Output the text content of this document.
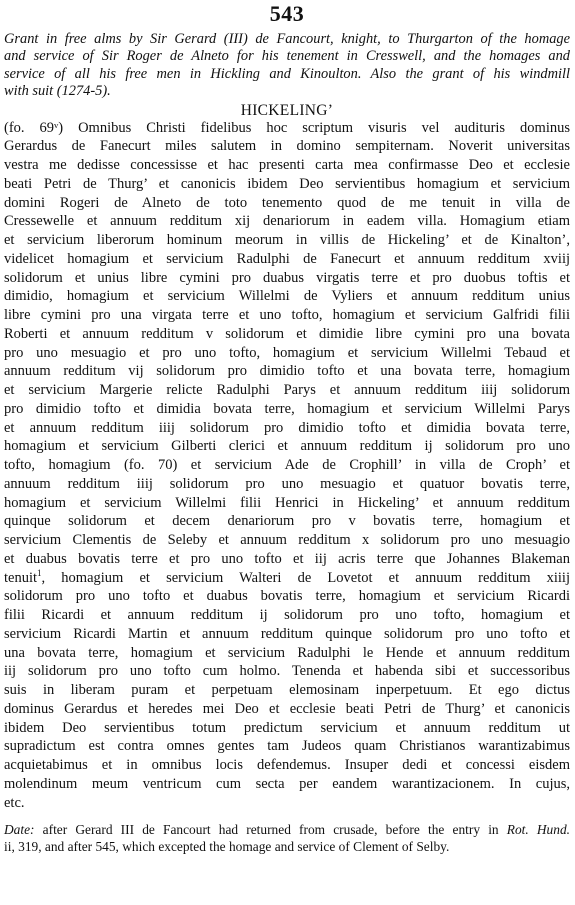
543
Grant in free alms by Sir Gerard (III) de Fancourt, knight, to Thurgarton of the homage
and service of Sir Roger de Alneto for his tenement in Cresswell, and the homages and
service of all his free men in Hickling and Kinoulton. Also the grant of his windmill
with suit (1274-5).
HICKELING’
(fo. 69ᵛ) Omnibus Christi fidelibus hoc scriptum visuris vel audituris dominus
Gerardus de Fanecurt miles salutem in domino sempiternam. Noverit universitas
vestra me dedisse concessisse et hac presenti carta mea confirmasse Deo et ecclesie
beati Petri de Thurg’ et canonicis ibidem Deo servientibus homagium et servicium
domini Rogeri de Alneto de toto tenemento quod de me tenuit in villa de
Cressewelle et annuum redditum xij denariorum in eadem villa. Homagium etiam
et servicium liberorum hominum meorum in villis de Hickeling’ et de Kinalton’,
videlicet homagium et servicium Radulphi de Fanecurt et annuum redditum xviij
solidorum et unius libre cymini pro duabus virgatis terre et pro duobus toftis et
dimidio, homagium et servicium Willelmi de Vyliers et annuum redditum unius
libre cymini pro una virgata terre et uno tofto, homagium et servicium Galfridi filii
Roberti et annuum redditum v solidorum et dimidie libre cymini pro una bovata
pro uno mesuagio et pro uno tofto, homagium et servicium Willelmi Tebaud et
annuum redditum vij solidorum pro dimidio tofto et una bovata terre, homagium
et servicium Margerie relicte Radulphi Parys et annuum redditum iiij solidorum
pro dimidio tofto et dimidia bovata terre, homagium et servicium Willelmi Parys
et annuum redditum iiij solidorum pro dimidio tofto et dimidia bovata terre,
homagium et servicium Gilberti clerici et annuum redditum ij solidorum pro uno
tofto, homagium (fo. 70) et servicium Ade de Crophill’ in villa de Croph’ et
annuum redditum iiij solidorum pro uno mesuagio et quatuor bovatis terre,
homagium et servicium Willelmi filii Henrici in Hickeling’ et annuum redditum
quinque solidorum et decem denariorum pro v bovatis terre, homagium et
servicium Clementis de Seleby et annuum redditum x solidorum pro uno mesuagio
et duabus bovatis terre et pro uno tofto et iij acris terre que Johannes Blakeman
tenuit$^1$, homagium et servicium Walteri de Lovetot et annuum redditum xiiij
solidorum pro uno tofto et duabus bovatis terre, homagium et servicium Ricardi
filii Ricardi et annuum redditum ij solidorum pro uno tofto, homagium et
servicium Ricardi Martin et annuum redditum quinque solidorum pro uno tofto et
una bovata terre, homagium et servicium Radulphi le Hende et annuum redditum
iij solidorum pro uno tofto cum holmo. Tenenda et habenda sibi et successoribus
suis in liberam puram et perpetuam elemosinam inperpetuum. Et ego dictus
dominus Gerardus et heredes mei Deo et ecclesie beati Petri de Thurg’ et canonicis
ibidem Deo servientibus totum predictum servicium et annuum redditum ut
supradictum est contra omnes gentes tam Judeos quam Christianos warantizabimus
acquietabimus et in omnibus locis defendemus. Insuper dedi et concessi eisdem
molendinum meum ventricum cum secta per eandem warantizacionem. In cujus,
etc.
Date: after Gerard III de Fancourt had returned from crusade, before the entry in Rot. Hund.
ii, 319, and after 545, which excepted the homage and service of Clement of Selby.
